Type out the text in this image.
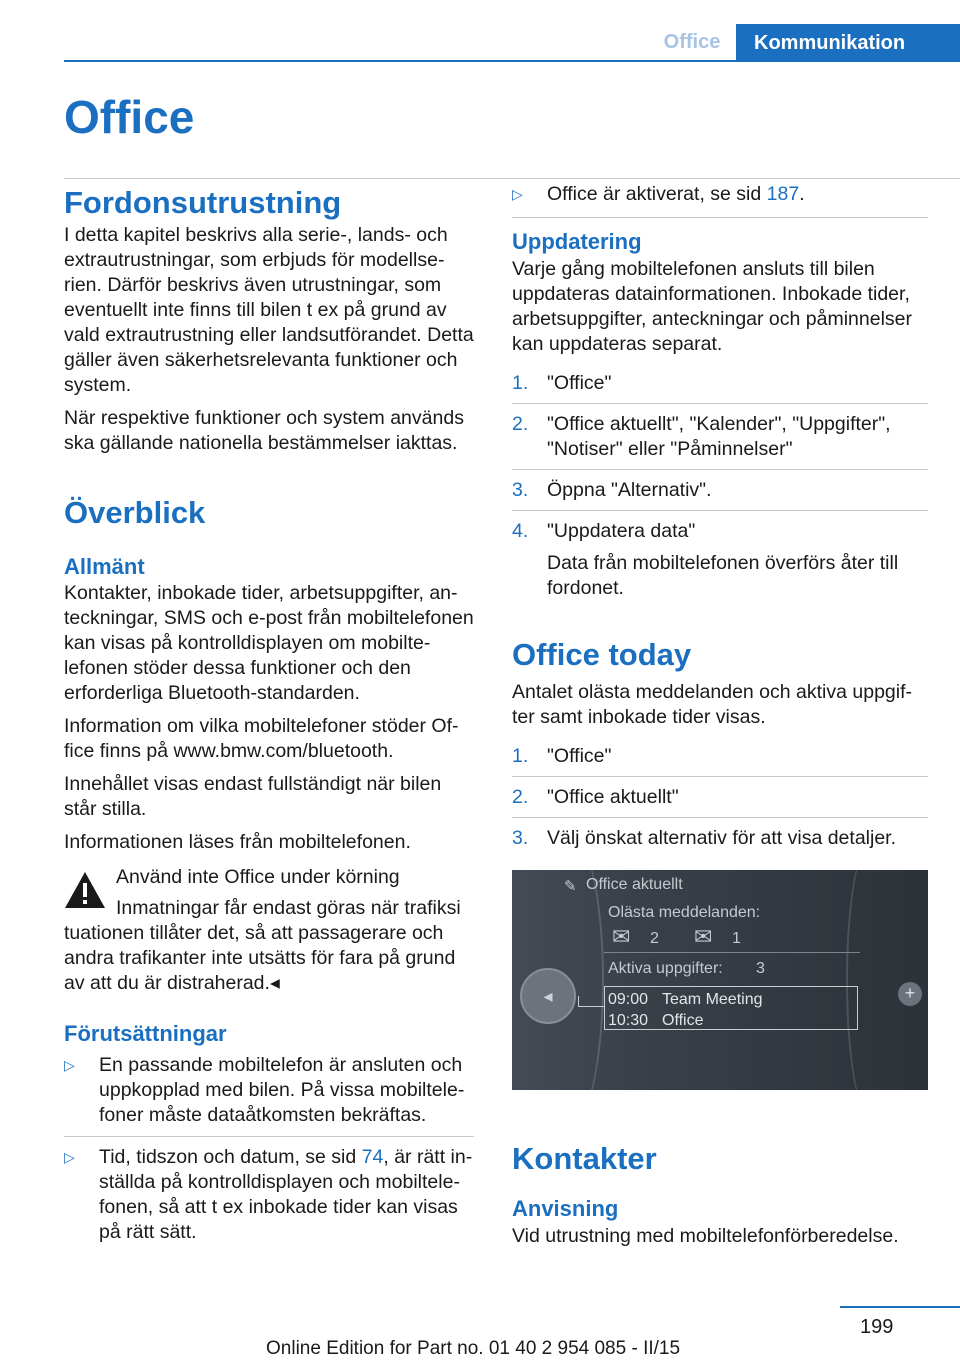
Office	Kommunikation
Office
Fordonsutrustning

I detta kapitel beskrivs alla serie-, lands- och extrautrustningar, som erbjuds för modellserien. Därför beskrivs även utrustningar, som eventuellt inte finns till bilen t ex på grund av vald extrautrustning eller landsutförandet. Detta gäller även säkerhetsrelevanta funktioner och system.

När respektive funktioner och system används ska gällande nationella bestämmelser iakttas.

Överblick
Allmänt

Kontakter, inbokade tider, arbetsuppgifter, anteckningar, SMS och e-post från mobiltelefonen kan visas på kontrolldisplayen om mobiltelefonen stöder dessa funktioner och den erforderliga Bluetooth-standarden.

Information om vilka mobiltelefoner stöder Office finns på www.bmw.com/bluetooth.

Innehållet visas endast fullständigt när bilen står stilla.

Informationen läses från mobiltelefonen.

Använd inte Office under körning
Inmatningar får endast göras när trafiksi

tuationen tillåter det, så att passagerare och andra trafikanter inte utsätts för fara på grund av att du är distraherad.◂

Förutsättningar
▷ En passande mobiltelefon är ansluten och uppkopplad med bilen. På vissa mobiltelefoner måste dataåtkomsten bekräftas.
▷ Tid, tidszon och datum, se sid 74, är rätt inställda på kontrolldisplayen och mobiltelefonen, så att t ex inbokade tider kan visas på rätt sätt.
▷ Office är aktiverat, se sid 187.
Uppdatering

Varje gång mobiltelefonen ansluts till bilen uppdateras datainformationen. Inbokade tider, arbetsuppgifter, anteckningar och påminnelser kan uppdateras separat.

1. "Office"
2. "Office aktuellt", "Kalender", "Uppgifter", "Notiser" eller "Påminnelser"
3. Öppna "Alternativ".
4. "Uppdatera data"
Data från mobiltelefonen överförs åter till fordonet.
Office today

Antalet olästa meddelanden och aktiva uppgifter samt inbokade tider visas.

1. "Office"
2. "Office aktuellt"
3. Välj önskat alternativ för att visa detaljer.
◂	+
✎ Office aktuellt
Olästa meddelanden:
✉ 2 ✉ 1
Aktiva uppgifter: 3
09:00 Team Meeting
10:30 Office
Kontakter
Anvisning

Vid utrustning med mobiltelefonförberedelse.

199
Online Edition for Part no. 01 40 2 954 085 - II/15
